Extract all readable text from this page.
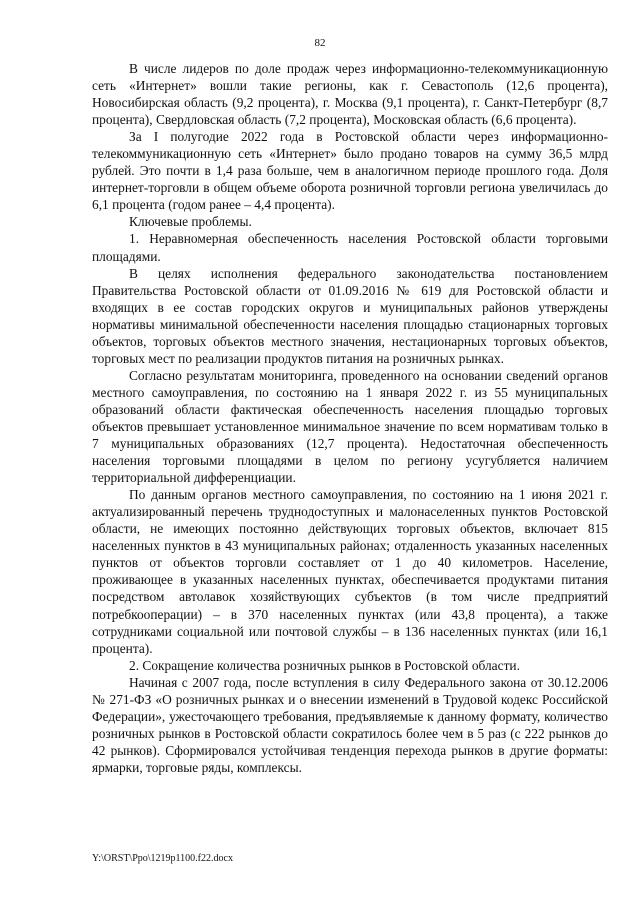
82

В числе лидеров по доле продаж через информационно-телекоммуникационную сеть «Интернет» вошли такие регионы, как г. Севастополь (12,6 процента), Новосибирская область (9,2 процента), г. Москва (9,1 процента), г. Санкт-Петербург (8,7 процента), Свердловская область (7,2 процента), Московская область (6,6 процента).

За I полугодие 2022 года в Ростовской области через информационно-телекоммуникационную сеть «Интернет» было продано товаров на сумму 36,5 млрд рублей. Это почти в 1,4 раза больше, чем в аналогичном периоде прошлого года. Доля интернет-торговли в общем объеме оборота розничной торговли региона увеличилась до 6,1 процента (годом ранее – 4,4 процента).

Ключевые проблемы.

1. Неравномерная обеспеченность населения Ростовской области торговыми площадями.

В целях исполнения федерального законодательства постановлением Правительства Ростовской области от 01.09.2016 № 619 для Ростовской области и входящих в ее состав городских округов и муниципальных районов утверждены нормативы минимальной обеспеченности населения площадью стационарных торговых объектов, торговых объектов местного значения, нестационарных торговых объектов, торговых мест по реализации продуктов питания на розничных рынках.

Согласно результатам мониторинга, проведенного на основании сведений органов местного самоуправления, по состоянию на 1 января 2022 г. из 55 муниципальных образований области фактическая обеспеченность населения площадью торговых объектов превышает установленное минимальное значение по всем нормативам только в 7 муниципальных образованиях (12,7 процента). Недостаточная обеспеченность населения торговыми площадями в целом по региону усугубляется наличием территориальной дифференциации.

По данным органов местного самоуправления, по состоянию на 1 июня 2021 г. актуализированный перечень труднодоступных и малонаселенных пунктов Ростовской области, не имеющих постоянно действующих торговых объектов, включает 815 населенных пунктов в 43 муниципальных районах; отдаленность указанных населенных пунктов от объектов торговли составляет от 1 до 40 километров. Население, проживающее в указанных населенных пунктах, обеспечивается продуктами питания посредством автолавок хозяйствующих субъектов (в том числе предприятий потребкооперации) – в 370 населенных пунктах (или 43,8 процента), а также сотрудниками социальной или почтовой службы – в 136 населенных пунктах (или 16,1 процента).

2. Сокращение количества розничных рынков в Ростовской области.

Начиная с 2007 года, после вступления в силу Федерального закона от 30.12.2006 № 271-ФЗ «О розничных рынках и о внесении изменений в Трудовой кодекс Российской Федерации», ужесточающего требования, предъявляемые к данному формату, количество розничных рынков в Ростовской области сократилось более чем в 5 раз (с 222 рынков до 42 рынков). Сформировался устойчивая тенденция перехода рынков в другие форматы: ярмарки, торговые ряды, комплексы.

Y:\ORST\Ppo\1219p1100.f22.docx
